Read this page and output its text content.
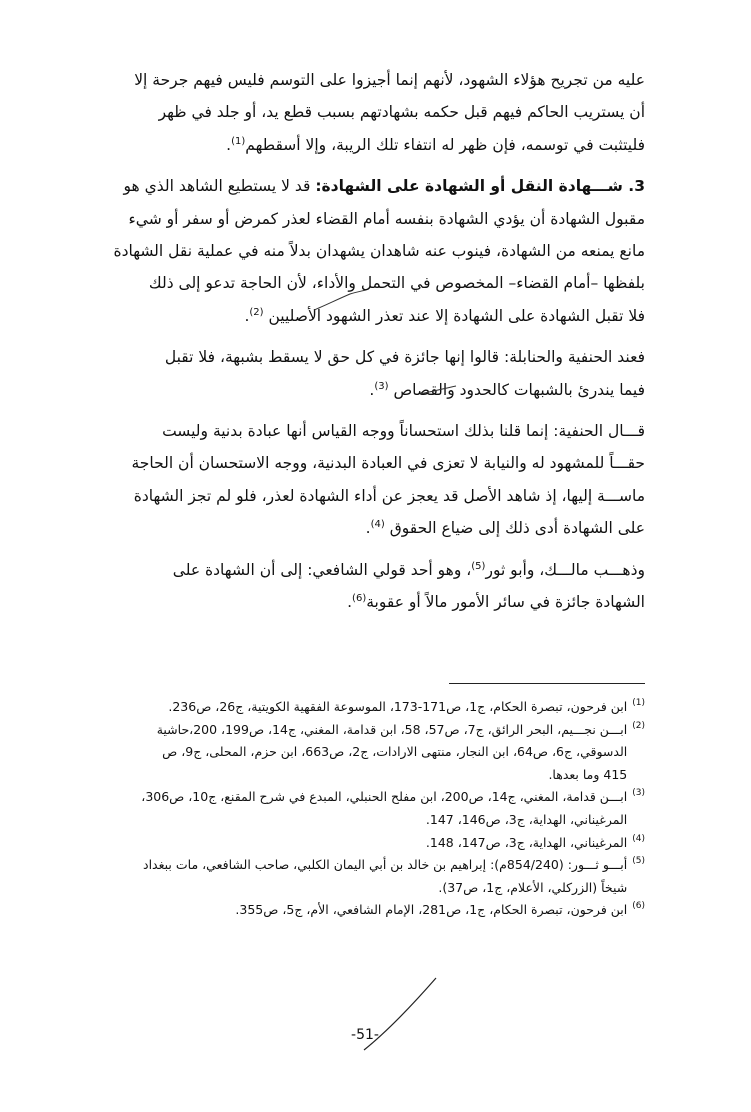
عليه من تجريح هؤلاء الشهود، لأنهم إنما أجيزوا على التوسم فليس فيهم جرحة إلا
أن يستريب الحاكم فيهم قبل حكمه بشهادتهم بسبب قطع يد، أو جلد في ظهر
فليتثبت في توسمه، فإن ظهر له انتفاء تلك الريبة، وإلا أسقطهم$^{(1)}$.

3. شـــهادة النقل أو الشهادة على الشهادة: قد لا يستطيع الشاهد الذي هو
مقبول الشهادة أن يؤدي الشهادة بنفسه أمام القضاء لعذر كمرض أو سفر أو شيء
مانع يمنعه من الشهادة، فينوب عنه شاهدان يشهدان بدلاً منه في عملية نقل الشهادة
بلفظها –أمام القضاء– المخصوص في التحمل والأداء، لأن الحاجة تدعو إلى ذلك
فلا تقبل الشهادة على الشهادة إلا عند تعذر الشهود الأصليين $^{(2)}$.

فعند الحنفية والحنابلة: قالوا إنها جائزة في كل حق لا يسقط بشبهة، فلا تقبل
فيما يندرئ بالشبهات كالحدود والقصاص $^{(3)}$.

قـــال الحنفية: إنما قلنا بذلك استحساناً ووجه القياس أنها عبادة بدنية وليست
حقـــاً للمشهود له والنيابة لا تعزى في العبادة البدنية، ووجه الاستحسان أن الحاجة
ماســـة إليها، إذ شاهد الأصل قد يعجز عن أداء الشهادة لعذر، فلو لم تجز الشهادة
على الشهادة أدى ذلك إلى ضياع الحقوق $^{(4)}$.

وذهـــب مالـــك، وأبو ثور$^{(5)}$، وهو أحد قولي الشافعي: إلى أن الشهادة على
الشهادة جائزة في سائر الأمور مالاً أو عقوبة$^{(6)}$.

(1)
ابن فرحون، تبصرة الحكام، ج1، ص171-173، الموسوعة الفقهية الكويتية، ج26، ص236.
(2)
ابـــن نجـــيم، البحر الرائق، ج7، ص57، 58، ابن قدامة، المغني، ج14، ص199، 200،حاشية
الدسوقي، ج6، ص64، ابن النجار، منتهى الارادات، ج2، ص663، ابن حزم، المحلى، ج9، ص
415 وما بعدها.
(3)
ابـــن قدامة، المغني، ج14، ص200، ابن مفلح الحنبلي، المبدع في شرح المقنع، ج10، ص306،
المرغيناني، الهداية، ج3، ص146، 147.
(4)
المرغيناني، الهداية، ج3، ص147، 148.
(5)
أبـــو ثـــور: (854/240م): إبراهيم بن خالد بن أبي اليمان الكلبي، صاحب الشافعي، مات ببغداد
شيخاً (الزركلي، الأعلام، ج1، ص37).
(6)
ابن فرحون، تبصرة الحكام، ج1، ص281، الإمام الشافعي، الأم، ج5، ص355.
-51-
